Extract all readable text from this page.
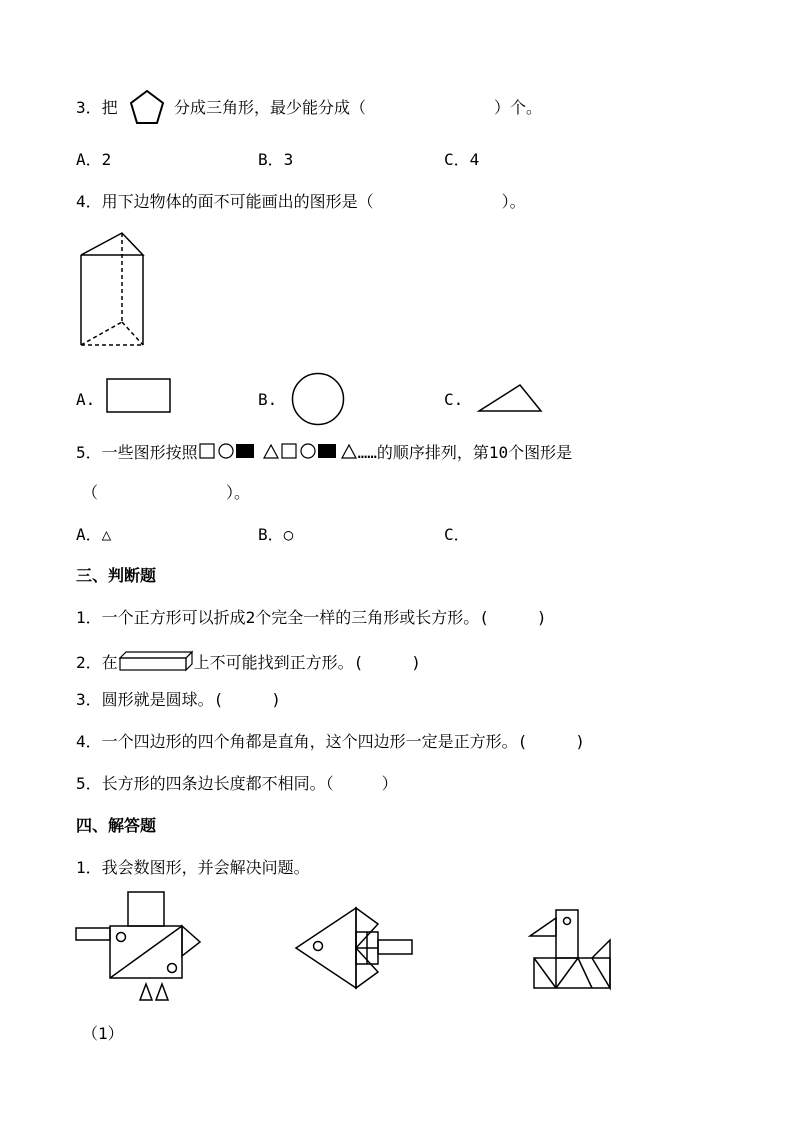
3．把	分成三角形，最少能分成（　　　　　　　　）个。
A．2	B．3	C．4
4．用下边物体的面不可能画出的图形是（　　　　　　　　）。
A.	B.	C.
5．一些图形按照	……的顺序排列，第10个图形是
（　　　　　　　　）。
A．△	B．○	C．
三、判断题
1．一个正方形可以折成2个完全一样的三角形或长方形。(　　　)
2．在	上不可能找到正方形。(　　　)
3．圆形就是圆球。(　　　)
4．一个四边形的四个角都是直角，这个四边形一定是正方形。(　　　)
5．长方形的四条边长度都不相同。（　　　）
四、解答题
1．我会数图形，并会解决问题。
（1）
